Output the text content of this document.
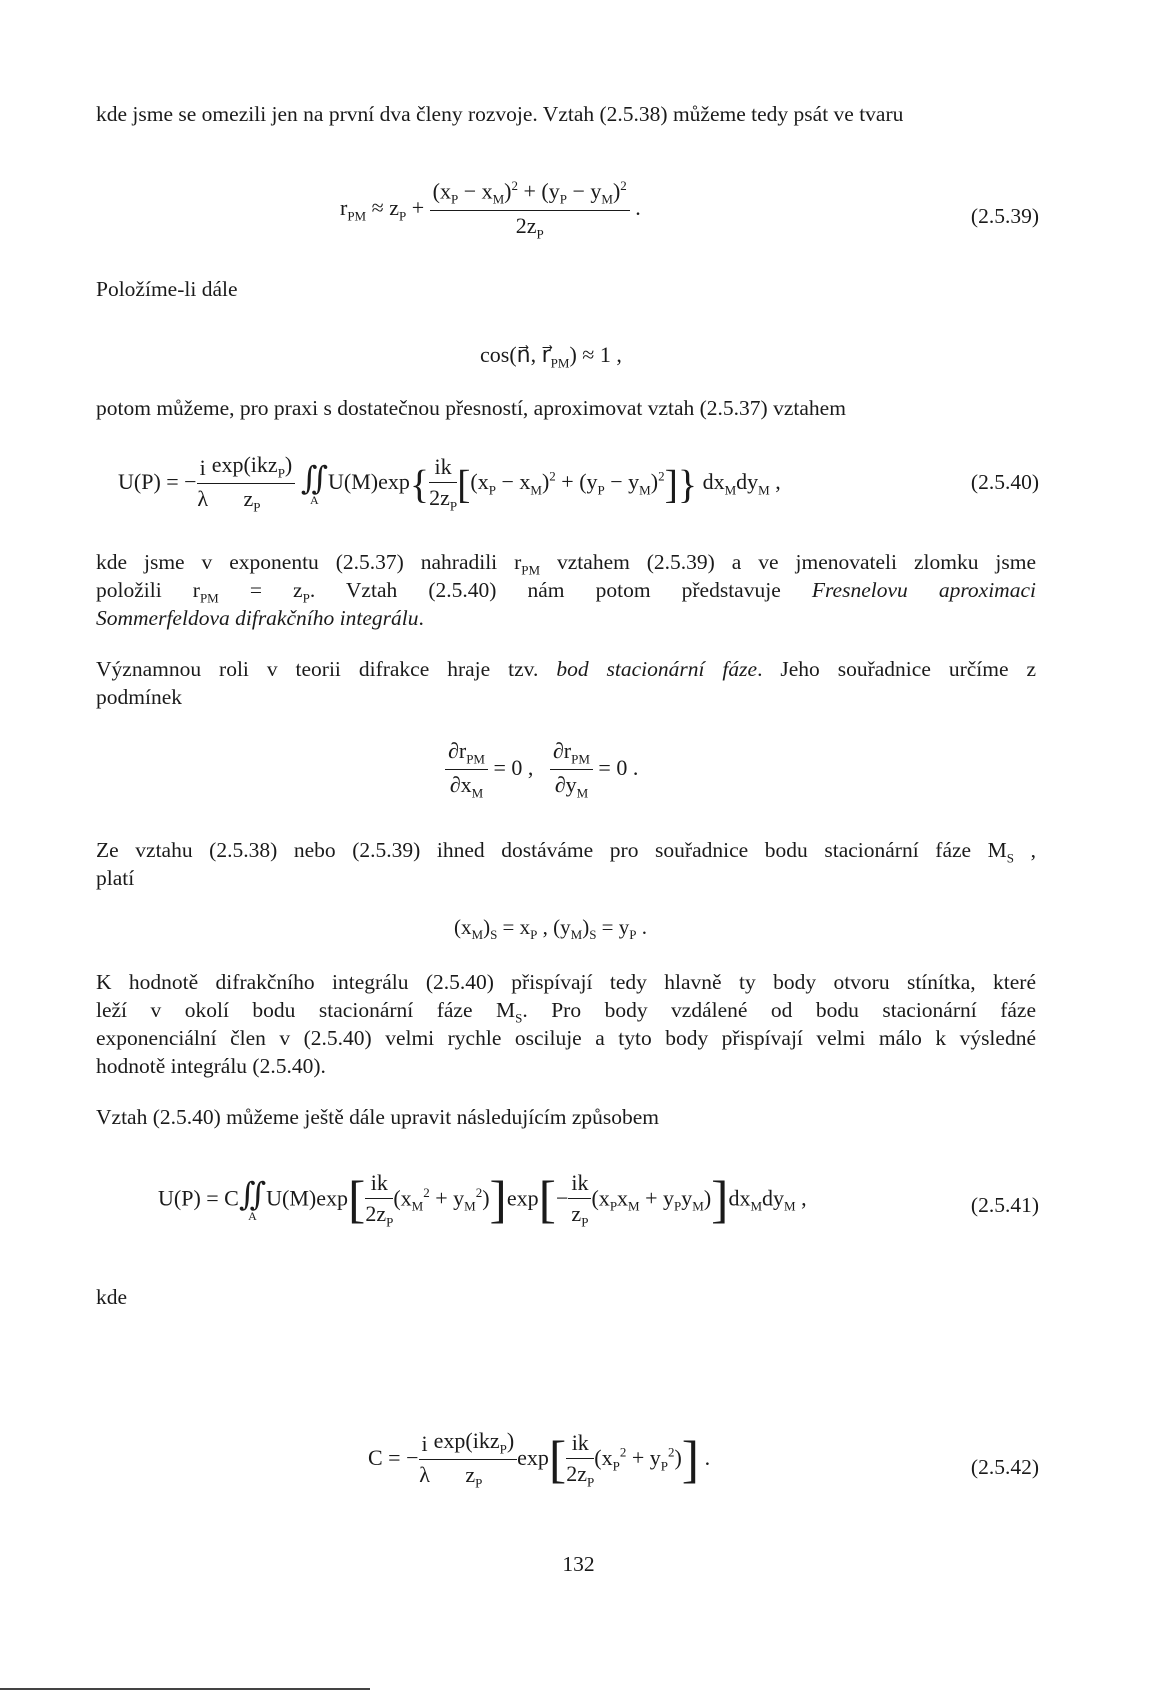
kde jsme se omezili jen na první dva členy rozvoje. Vztah (2.5.38) můžeme tedy psát ve tvaru

$r_{PM} \approx z_P + \frac{(x_P - x_M)^2 + (y_P - y_M)^2}{2z_P}$ .	(2.5.39)

Položíme-li dále

cos(n⃗, $r⃗_{PM}) \approx 1$ ,

potom můžeme, pro praxi s dostatečnou přesností, aproximovat vztah (2.5.37) vztahem

U(P) = − $\frac{i}{\lambda} \frac{\exp(ikz_P)}{z_P}$
∬
A
$U(M)\exp\{ \frac{ik}{2z_P} [(x_P - x_M)^2 + (y_P - y_M)^2]\}$ $dx_Mdy_M$ ,	(2.5.40)

kde jsme v exponentu (2.5.37) nahradili $r_{PM}$ vztahem (2.5.39) a ve jmenovateli zlomku jsme

položili $r_{PM} = z_P$. Vztah (2.5.40) nám potom představuje Fresnelovu aproximaci

Sommerfeldova difrakčního integrálu.

Významnou roli v teorii difrakce hraje tzv. bod stacionární fáze. Jeho souřadnice určíme z

podmínek

$\frac{\partial r_{PM}}{\partial x_M} = 0$ , $\frac{\partial r_{PM}}{\partial y_M} = 0$ .

Ze vztahu (2.5.38) nebo (2.5.39) ihned dostáváme pro souřadnice bodu stacionární fáze $M_S$ ,

platí

$(x_M)_S = x_P$ , $(y_M)_S = y_P$ .

K hodnotě difrakčního integrálu (2.5.40) přispívají tedy hlavně ty body otvoru stínítka, které

leží v okolí bodu stacionární fáze $M_S$. Pro body vzdálené od bodu stacionární fáze

exponenciální člen v (2.5.40) velmi rychle osciluje a tyto body přispívají velmi málo k výsledné

hodnotě integrálu (2.5.40).

Vztah (2.5.40) můžeme ještě dále upravit následujícím způsobem

U(P) = C ∬
A
$U(M)\exp[ \frac{ik}{2z_P} (x_M^2 + y_M^2)]\exp[- \frac{ik}{z_P} (x_Px_M + y_Py_M)]dx_Mdy_M$ ,	(2.5.41)

kde

C = − $\frac{i}{\lambda} \frac{\exp(ikz_P)}{z_P} \exp[ \frac{ik}{2z_P} (x_P^2 + y_P^2)]$ .	(2.5.42)
132
